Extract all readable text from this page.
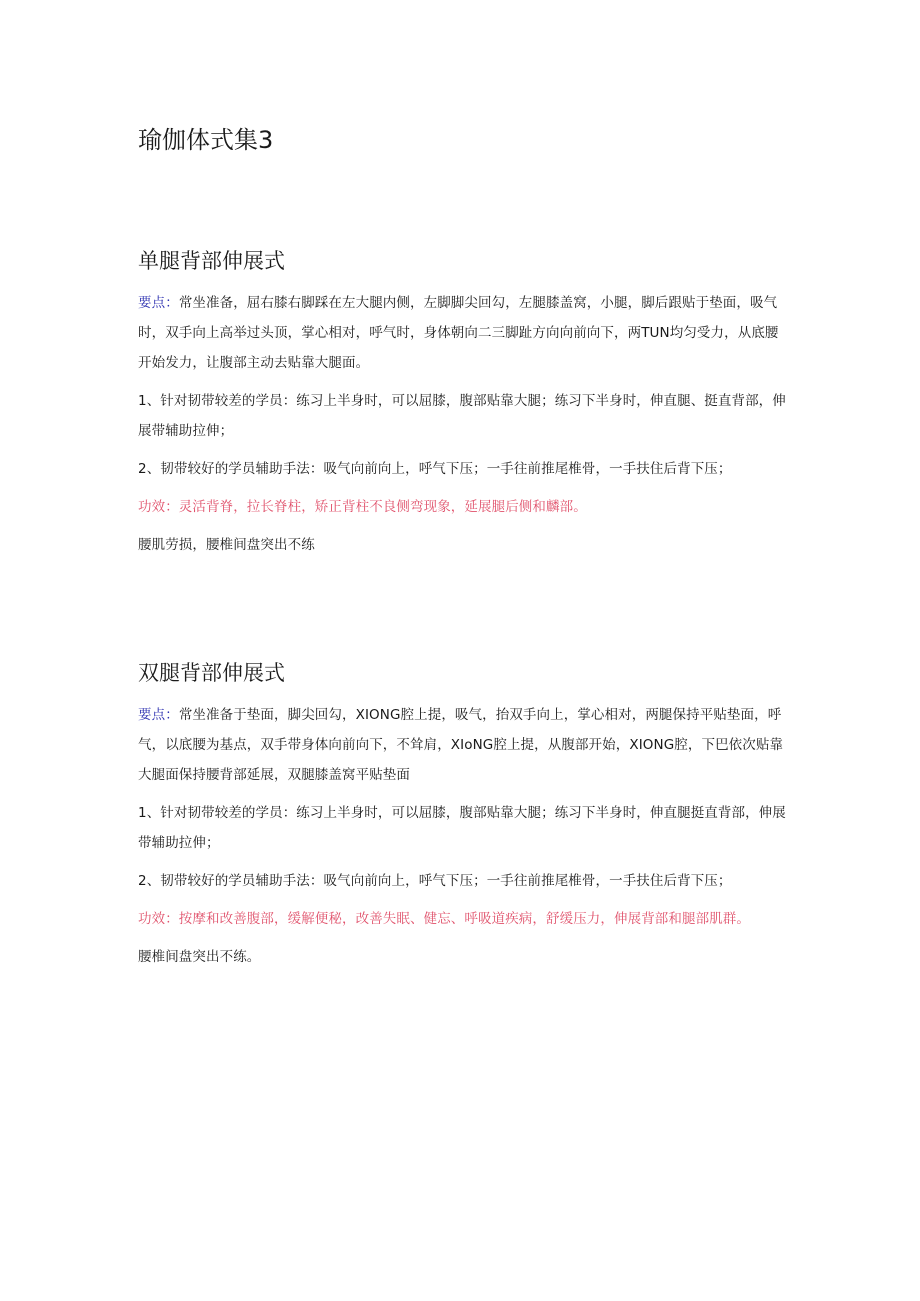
瑜伽体式集3
单腿背部伸展式

要点：常坐准备，屈右膝右脚踩在左大腿内侧，左脚脚尖回勾，左腿膝盖窝，小腿，脚后跟贴于垫面，吸气时，双手向上高举过头顶，掌心相对，呼气时，身体朝向二三脚趾方向向前向下，两TUN均匀受力，从底腰开始发力，让腹部主动去贴靠大腿面。

1、针对韧带较差的学员：练习上半身时，可以屈膝，腹部贴靠大腿；练习下半身时，伸直腿、挺直背部，伸展带辅助拉伸；

2、韧带较好的学员辅助手法：吸气向前向上，呼气下压；一手往前推尾椎骨，一手扶住后背下压；

功效：灵活背脊，拉长脊柱，矫正背柱不良侧弯现象，延展腿后侧和麟部。

腰肌劳损，腰椎间盘突出不练

双腿背部伸展式

要点：常坐准备于垫面，脚尖回勾，XIONG腔上提，吸气，抬双手向上，掌心相对，两腿保持平贴垫面，呼气，以底腰为基点，双手带身体向前向下，不耸肩，XIoNG腔上提，从腹部开始，XIONG腔，下巴依次贴靠大腿面保持腰背部延展，双腿膝盖窝平贴垫面

1、针对韧带较差的学员：练习上半身时，可以屈膝，腹部贴靠大腿；练习下半身时，伸直腿挺直背部，伸展带辅助拉伸；

2、韧带较好的学员辅助手法：吸气向前向上，呼气下压；一手往前推尾椎骨，一手扶住后背下压；

功效：按摩和改善腹部，缓解便秘，改善失眠、健忘、呼吸道疾病，舒缓压力，伸展背部和腿部肌群。

腰椎间盘突出不练。
